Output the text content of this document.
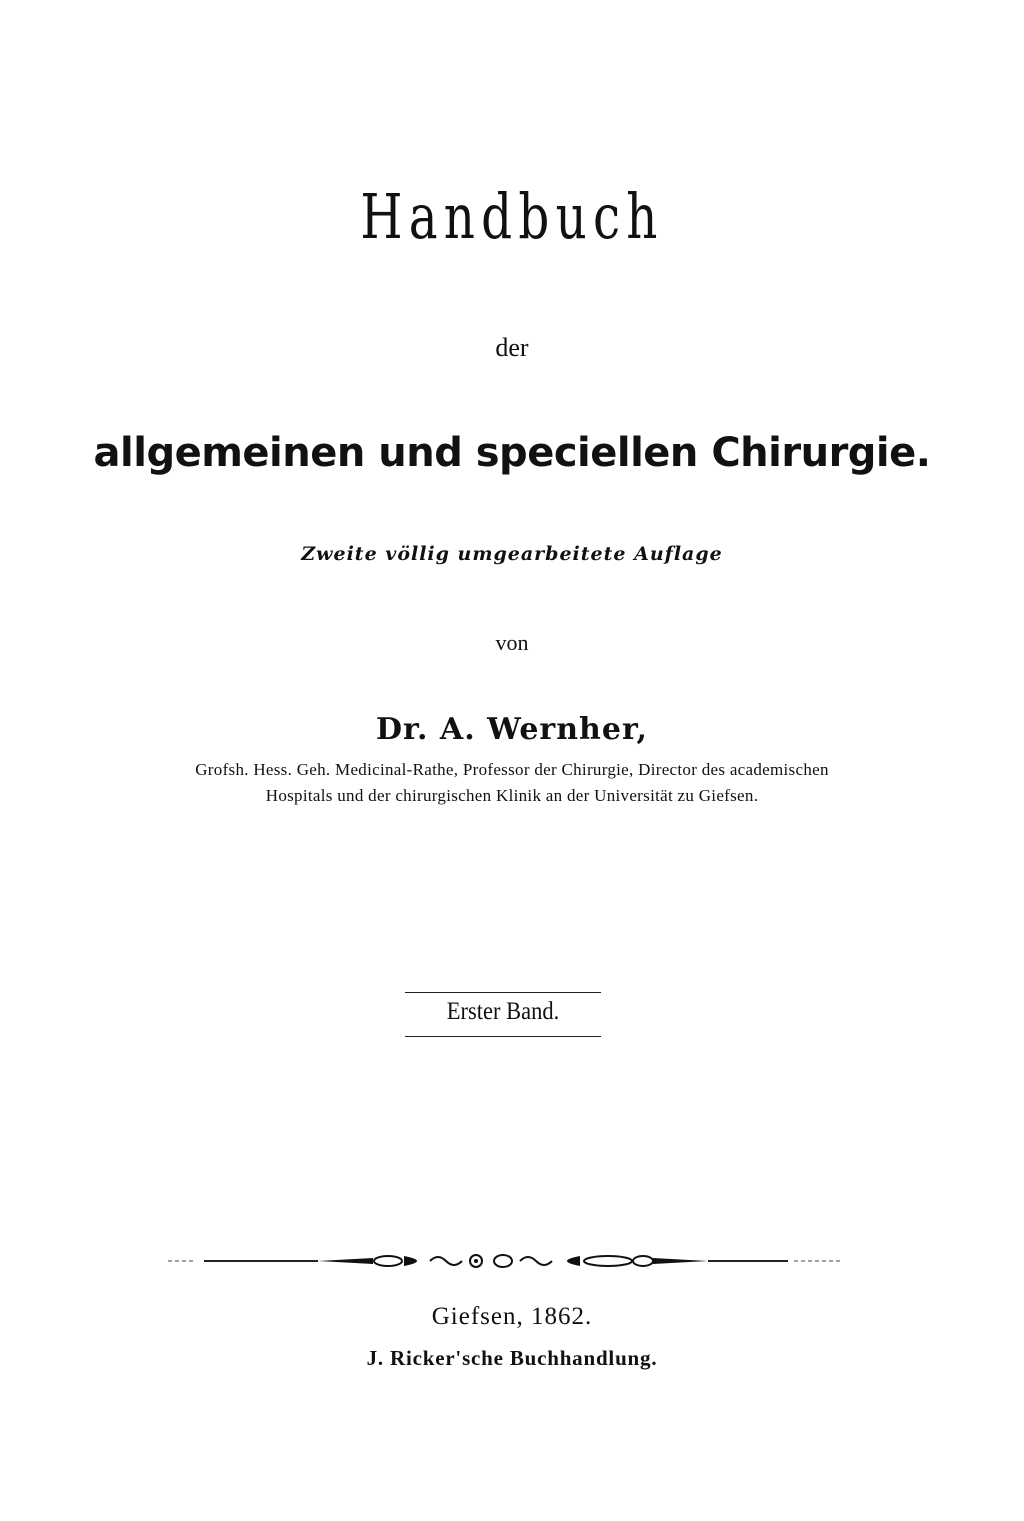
Handbuch
der
allgemeinen und speciellen Chirurgie.
Zweite völlig umgearbeitete Auflage
von
Dr. A. Wernher,
Grofsh. Hess. Geh. Medicinal-Rathe, Professor der Chirurgie, Director des academischen
Hospitals und der chirurgischen Klinik an der Universität zu Giefsen.
Erster Band.
Giefsen, 1862.
J. Ricker'sche Buchhandlung.
